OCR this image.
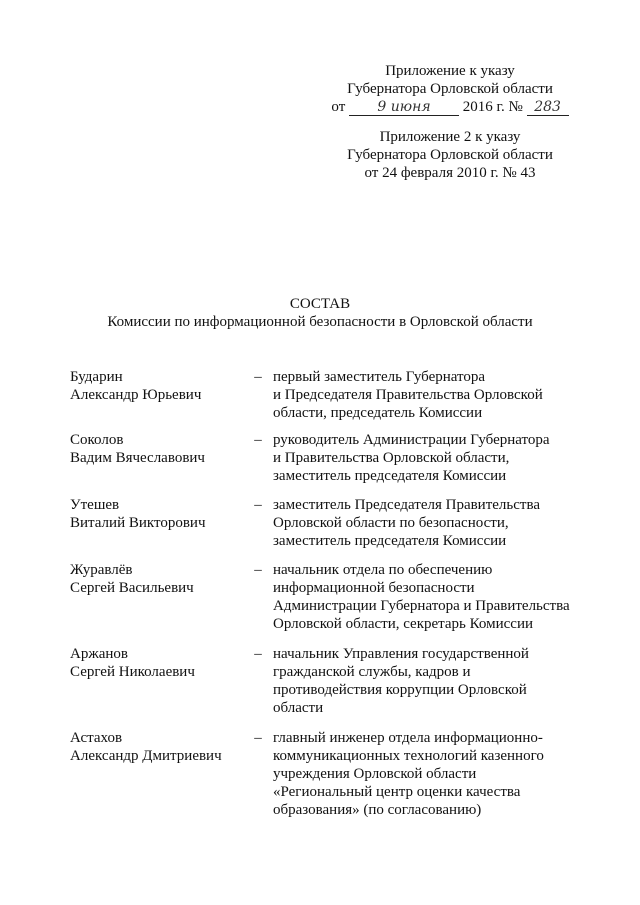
Приложение к указу
Губернатора Орловской области
от 9 июня 2016 г. № 283
Приложение 2 к указу
Губернатора Орловской области
от 24 февраля 2010 г. № 43
СОСТАВ
Комиссии по информационной безопасности в Орловской области
Бударин
Александр Юрьевич
– первый заместитель Губернатора
и Председателя Правительства Орловской
области, председатель Комиссии
Соколов
Вадим Вячеславович
– руководитель Администрации Губернатора
и Правительства Орловской области,
заместитель председателя Комиссии
Утешев
Виталий Викторович
– заместитель Председателя Правительства
Орловской области по безопасности,
заместитель председателя Комиссии
Журавлёв
Сергей Васильевич
– начальник отдела по обеспечению
информационной безопасности
Администрации Губернатора и Правительства
Орловской области, секретарь Комиссии
Аржанов
Сергей Николаевич
– начальник Управления государственной
гражданской службы, кадров и
противодействия коррупции Орловской
области
Астахов
Александр Дмитриевич
– главный инженер отдела информационно-
коммуникационных технологий казенного
учреждения Орловской области
«Региональный центр оценки качества
образования» (по согласованию)
